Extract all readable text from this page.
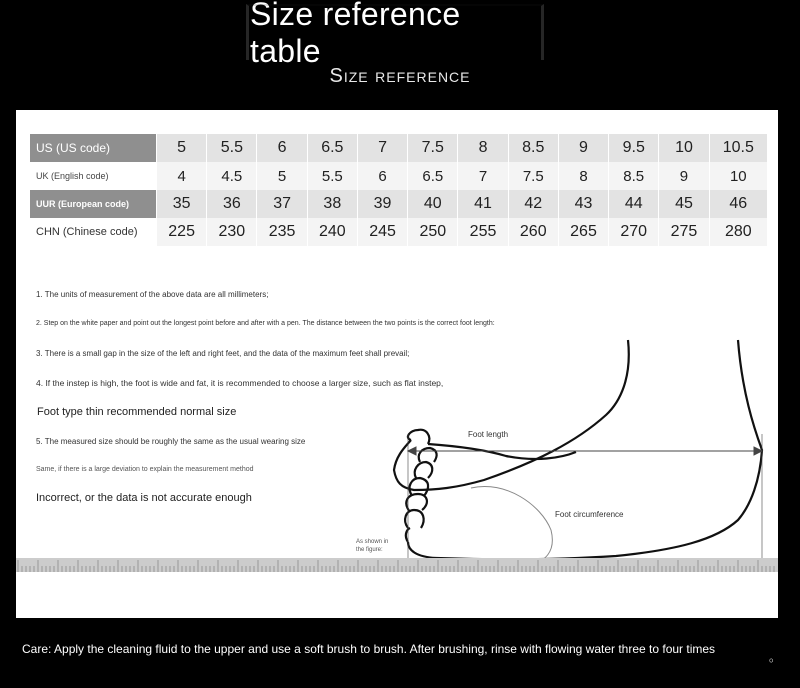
Size reference table
Size reference
US (US code)	5	5.5	6	6.5	7	7.5	8	8.5	9	9.5	10	10.5
UK (English code)	4	4.5	5	5.5	6	6.5	7	7.5	8	8.5	9	10
UUR (European code)	35	36	37	38	39	40	41	42	43	44	45	46
CHN (Chinese code)	225	230	235	240	245	250	255	260	265	270	275	280
1. The units of measurement of the above data are all millimeters;
2. Step on the white paper and point out the longest point before and after with a pen. The distance between the two points is the correct foot length:
3. There is a small gap in the size of the left and right feet, and the data of the maximum feet shall prevail;
4. If the instep is high, the foot is wide and fat, it is recommended to choose a larger size, such as flat instep,
Foot type thin recommended normal size
5. The measured size should be roughly the same as the usual wearing size
Same, if there is a large deviation to explain the measurement method
Incorrect, or the data is not accurate enough
Foot length
Foot circumference
As shown in the figure:
Care: Apply the cleaning fluid to the upper and use a soft brush to brush. After brushing, rinse with flowing water three to four times
。
